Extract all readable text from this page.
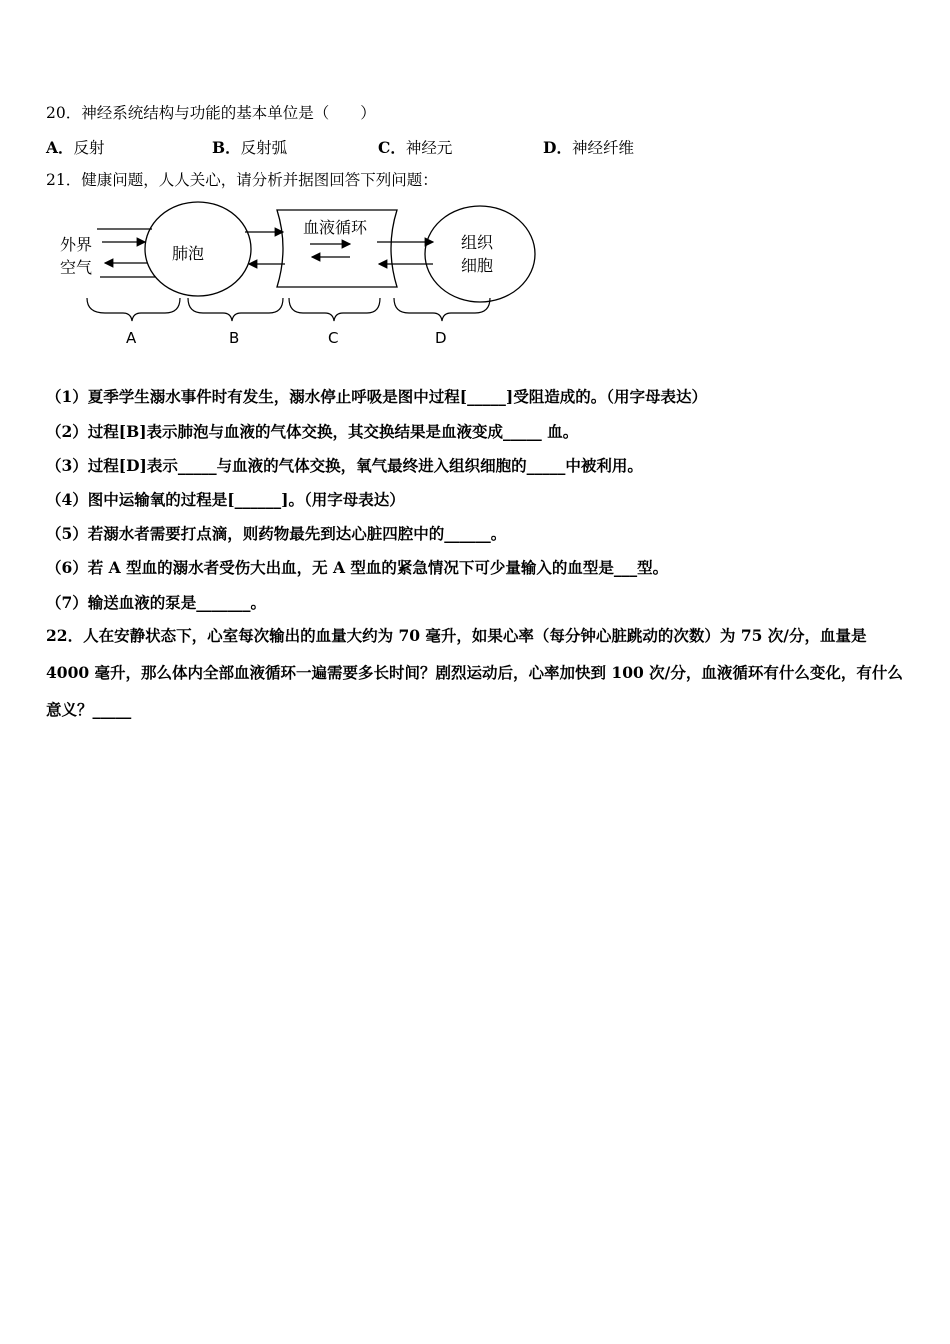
20．神经系统结构与功能的基本单位是（　　）
A．反射	B．反射弧	C．神经元	D．神经纤维
21．健康问题，人人关心，请分析并据图回答下列问题：
外界
空气
肺泡
血液循环
组织
细胞
A	B	C	D
（1）夏季学生溺水事件时有发生，溺水停止呼吸是图中过程[_____]受阻造成的。（用字母表达）
（2）过程[B]表示肺泡与血液的气体交换，其交换结果是血液变成_____ 血。
（3）过程[D]表示_____与血液的气体交换，氧气最终进入组织细胞的_____中被利用。
（4）图中运输氧的过程是[______]。（用字母表达）
（5）若溺水者需要打点滴，则药物最先到达心脏四腔中的______。
（6）若 A 型血的溺水者受伤大出血，无 A 型血的紧急情况下可少量输入的血型是___型。
（7）输送血液的泵是_______。
22．人在安静状态下，心室每次输出的血量大约为 70 毫升，如果心率（每分钟心脏跳动的次数）为 75 次/分，血量是 4000 毫升，那么体内全部血液循环一遍需要多长时间？剧烈运动后，心率加快到 100 次/分，血液循环有什么变化，有什么意义？_____
